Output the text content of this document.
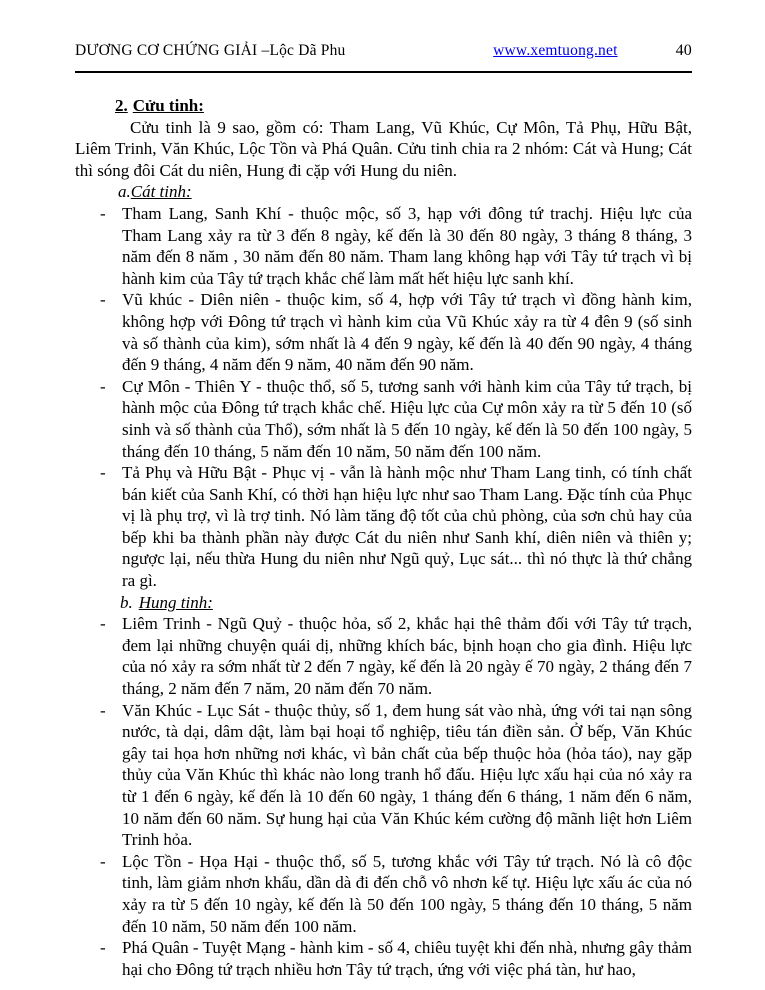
DƯƠNG CƠ CHỨNG GIẢI –Lộc Dã Phu	www.xemtuong.net	40

2. Cửu tinh:

Cửu tinh là 9 sao, gồm có: Tham Lang, Vũ Khúc, Cự Môn, Tả Phụ, Hữu Bật, Liêm Trinh, Văn Khúc, Lộc Tồn và Phá Quân. Cửu tinh chia ra 2 nhóm: Cát và Hung; Cát thì sóng đôi Cát du niên, Hung đi cặp với Hung du niên.

a.Cát tinh:

- Tham Lang, Sanh Khí - thuộc mộc, số 3, hạp với đông tứ trachj. Hiệu lực của Tham Lang xảy ra từ 3 đến 8 ngày, kế đến là 30 đến 80 ngày, 3 tháng 8 tháng, 3 năm đến 8 năm , 30 năm đến 80 năm. Tham lang không hạp với Tây tứ trạch vì bị hành kim của Tây tứ trạch khắc chế làm mất hết hiệu lực sanh khí.
- Vũ khúc - Diên niên - thuộc kim, số 4, hợp với Tây tứ trạch vì đồng hành kim, không hợp với Đông tứ trạch vì hành kim của Vũ Khúc xảy ra từ 4 đên 9 (số sinh và số thành của kim), sớm nhất là 4 đến 9 ngày, kế đến là 40 đến 90 ngày, 4 tháng đến 9 tháng, 4 năm đến 9 năm, 40 năm đến 90 năm.
- Cự Môn - Thiên Y - thuộc thổ, số 5, tương sanh với hành kim của Tây tứ trạch, bị hành mộc của Đông tứ trạch khắc chế. Hiệu lực của Cự môn xảy ra từ 5 đến 10 (số sinh và số thành của Thổ), sớm nhất là 5 đến 10 ngày, kế đến là 50 đến 100 ngày, 5 tháng đến 10 tháng, 5 năm đến 10 năm, 50 năm đến 100 năm.
- Tả Phụ và Hữu Bật - Phục vị - vẫn là hành mộc như Tham Lang tinh, có tính chất bán kiết của Sanh Khí, có thời hạn hiệu lực như sao Tham Lang. Đặc tính của Phục vị là phụ trợ, vì là trợ tinh. Nó làm tăng độ tốt của chủ phòng, của sơn chủ hay của bếp khi ba thành phần này được Cát du niên như Sanh khí, diên niên và thiên y; ngược lại, nếu thừa Hung du niên như Ngũ quỷ, Lục sát... thì nó thực là thứ chẳng ra gì.

b. Hung tinh:

- Liêm Trinh - Ngũ Quỷ - thuộc hỏa, số 2, khắc hại thê thảm đối với Tây tứ trạch, đem lại những chuyện quái dị, những khích bác, bịnh hoạn cho gia đình. Hiệu lực của nó xảy ra sớm nhất từ 2 đến 7 ngày, kế đến là 20 ngày ế 70 ngày, 2 tháng đến 7 tháng, 2 năm đến 7 năm, 20 năm đến 70 năm.
- Văn Khúc - Lục Sát - thuộc thủy, số 1, đem hung sát vào nhà, ứng với tai nạn sông nước, tà dại, dâm dật, làm bại hoại tổ nghiệp, tiêu tán điền sản. Ở bếp, Văn Khúc gây tai họa hơn những nơi khác, vì bản chất của bếp thuộc hỏa (hỏa táo), nay gặp thủy của Văn Khúc thì khác nào long tranh hổ đấu. Hiệu lực xấu hại của nó xảy ra từ 1 đến 6 ngày, kế đến là 10 đến 60 ngày, 1 tháng đến 6 tháng, 1 năm đến 6 năm, 10 năm đến 60 năm. Sự hung hại của Văn Khúc kém cường độ mãnh liệt hơn Liêm Trinh hỏa.
- Lộc Tồn - Họa Hại - thuộc thổ, số 5, tương khắc với Tây tứ trạch. Nó là cô độc tinh, làm giảm nhơn khẩu, dần dà đi đến chỗ vô nhơn kế tự. Hiệu lực xấu ác của nó xảy ra từ 5 đến 10 ngày, kế đến là 50 đến 100 ngày, 5 tháng đến 10 tháng, 5 năm đến 10 năm, 50 năm đến 100 năm.
- Phá Quân - Tuyệt Mạng - hành kim - số 4, chiêu tuyệt khi đến nhà, nhưng gây thảm hại cho Đông tứ trạch nhiều hơn Tây tứ trạch, ứng với việc phá tàn, hư hao,
